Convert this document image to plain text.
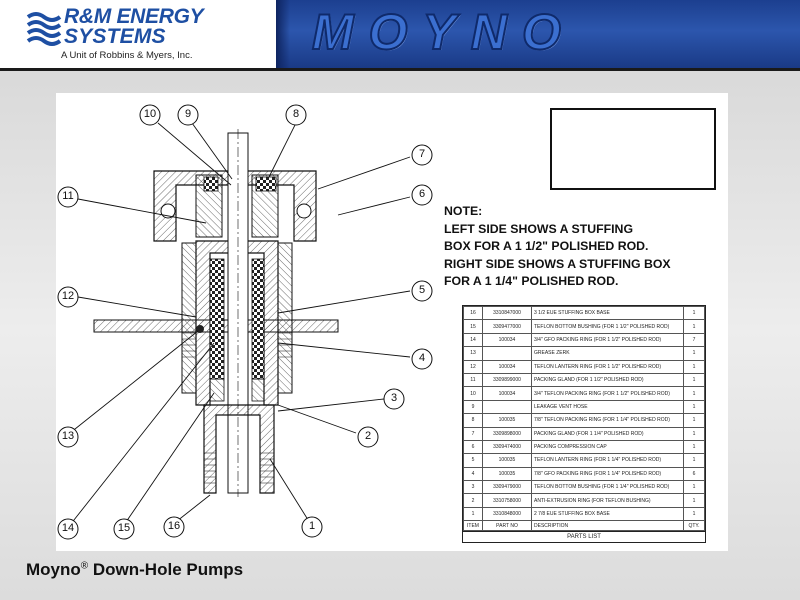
R&M ENERGY
SYSTEMS
A Unit of Robbins & Myers, Inc. MOYNO
10	9	8
7
6
11
12	5
4
3
2
13
14	15	16	1
NOTE:
LEFT SIDE SHOWS A STUFFING
BOX FOR A 1 1/2" POLISHED ROD.
RIGHT SIDE SHOWS A STUFFING BOX
FOR A 1 1/4" POLISHED ROD.
16	3310847000	3 1/2 EUE STUFFING BOX BASE	1
15	3309477000	TEFLON BOTTOM BUSHING (FOR 1 1/2" POLISHED ROD)	1
14	100034	3/4" GFO PACKING RING (FOR 1 1/2" POLISHED ROD)	7
13		GREASE ZERK	1
12	100034	TEFLON LANTERN RING (FOR 1 1/2" POLISHED ROD)	1
11	3309899000	PACKING GLAND (FOR 1 1/2" POLISHED ROD)	1
10	100034	3/4" TEFLON PACKING RING (FOR 1 1/2" POLISHED ROD)	1
9		LEAKAGE VENT HOSE	1
8	100035	7/8" TEFLON PACKING RING (FOR 1 1/4" POLISHED ROD)	1
7	3309898000	PACKING GLAND (FOR 1 1/4" POLISHED ROD)	1
6	3309474000	PACKING COMPRESSION CAP	1
5	100035	TEFLON LANTERN RING (FOR 1 1/4" POLISHED ROD)	1
4	100035	7/8" GFO PACKING RING (FOR 1 1/4" POLISHED ROD)	6
3	3309479000	TEFLON BOTTOM BUSHING (FOR 1 1/4" POLISHED ROD)	1
2	3310758000	ANTI-EXTRUSION RING (FOR TEFLON BUSHING)	1
1	3310848000	2 7/8 EUE STUFFING BOX BASE	1
ITEM	PART NO	DESCRIPTION	QTY.
PARTS LIST
Moyno® Down-Hole Pumps
